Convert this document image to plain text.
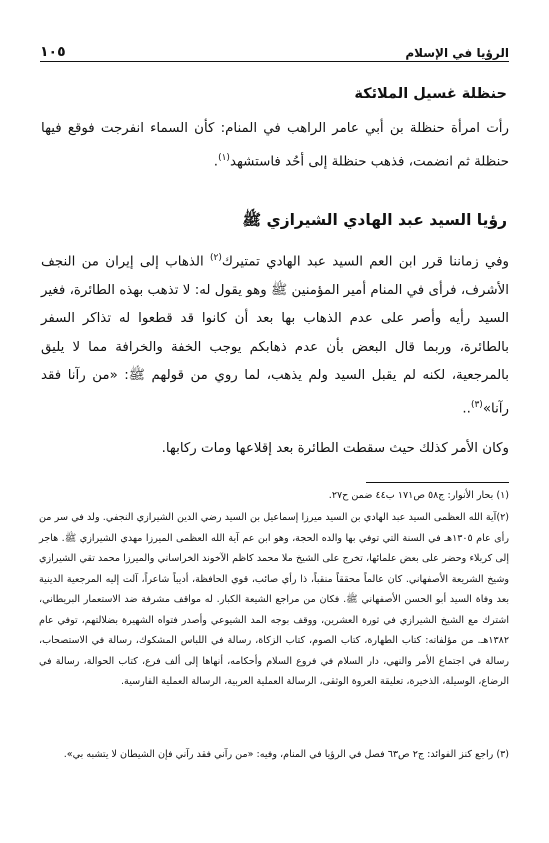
الرؤيا في الإسلام
١٠٥
حنظلة غسيل الملائكة

رأت امرأة حنظلة بن أبي عامر الراهب في المنام: كأن السماء انفرجت فوقع فيها حنظلة ثم انضمت، فذهب حنظلة إلى أحُد فاستشهد$^{(١)}$.

رؤيا السيد عبد الهادي الشيرازي ﷺ

وفي زماننا قرر ابن العم السيد عبد الهادي تمتيرك$^{(٢)}$ الذهاب إلى إيران من النجف الأشرف، فرأى في المنام أمير المؤمنين ﷺ وهو يقول له: لا تذهب بهذه الطائرة، فغير السيد رأيه وأصر على عدم الذهاب بها بعد أن كانوا قد قطعوا له تذاكر السفر بالطائرة، وربما قال البعض بأن عدم ذهابكم يوجب الخفة والخرافة مما لا يليق بالمرجعية، لكنه لم يقبل السيد ولم يذهب، لما روي من قولهم ﷺ: «من رآنا فقد رآنا»$^{(٣)}$..

وكان الأمر كذلك حيث سقطت الطائرة بعد إقلاعها ومات ركابها.

(١) بحار الأنوار: ج٥٨ ص١٧١ ب٤٤ ضمن ح٢٧.

(٢)آية الله العظمى السيد عبد الهادي بن السيد ميرزا إسماعيل بن السيد رضي الدين الشيرازي النجفي. ولد في سر من رأى عام ١٣٠٥هـ في السنة التي توفي بها والده الحجة، وهو ابن عم آية الله العظمى الميرزا مهدي الشيرازي ﷺ. هاجر إلى كربلاء وحضر على بعض علمائها، تخرج على الشيخ ملا محمد كاظم الآخوند الخراساني والميرزا محمد تقي الشيرازي وشيخ الشريعة الأصفهاني. كان عالماً محققاً منقباً، ذا رأي صائب، قوي الحافظة، أديباً شاعراً، آلت إليه المرجعية الدينية بعد وفاة السيد أبو الحسن الأصفهاني ﷺ. فكان من مراجع الشيعة الكبار. له مواقف مشرفة ضد الاستعمار البريطاني، اشترك مع الشيخ الشيرازي في ثورة العشرين، ووقف بوجه المد الشيوعي وأصدر فتواه الشهيرة بضلالتهم، توفي عام ١٣٨٢هـ. من مؤلفاته: كتاب الطهارة، كتاب الصوم، كتاب الزكاة، رسالة في اللباس المشكوك، رسالة في الاستصحاب، رسالة في اجتماع الأمر والنهي، دار السلام في فروع السلام وأحكامه، أنهاها إلى ألف فرع، كتاب الحوالة، رسالة في الرضاع، الوسيلة، الذخيرة، تعليقة العروة الوثقى، الرسالة العملية العربية، الرسالة العملية الفارسية.

(٣) راجع كنز الفوائد: ج٢ ص٦٣ فصل في الرؤيا في المنام، وفيه: «من رآني فقد رآني فإن الشيطان لا يتشبه بي».
